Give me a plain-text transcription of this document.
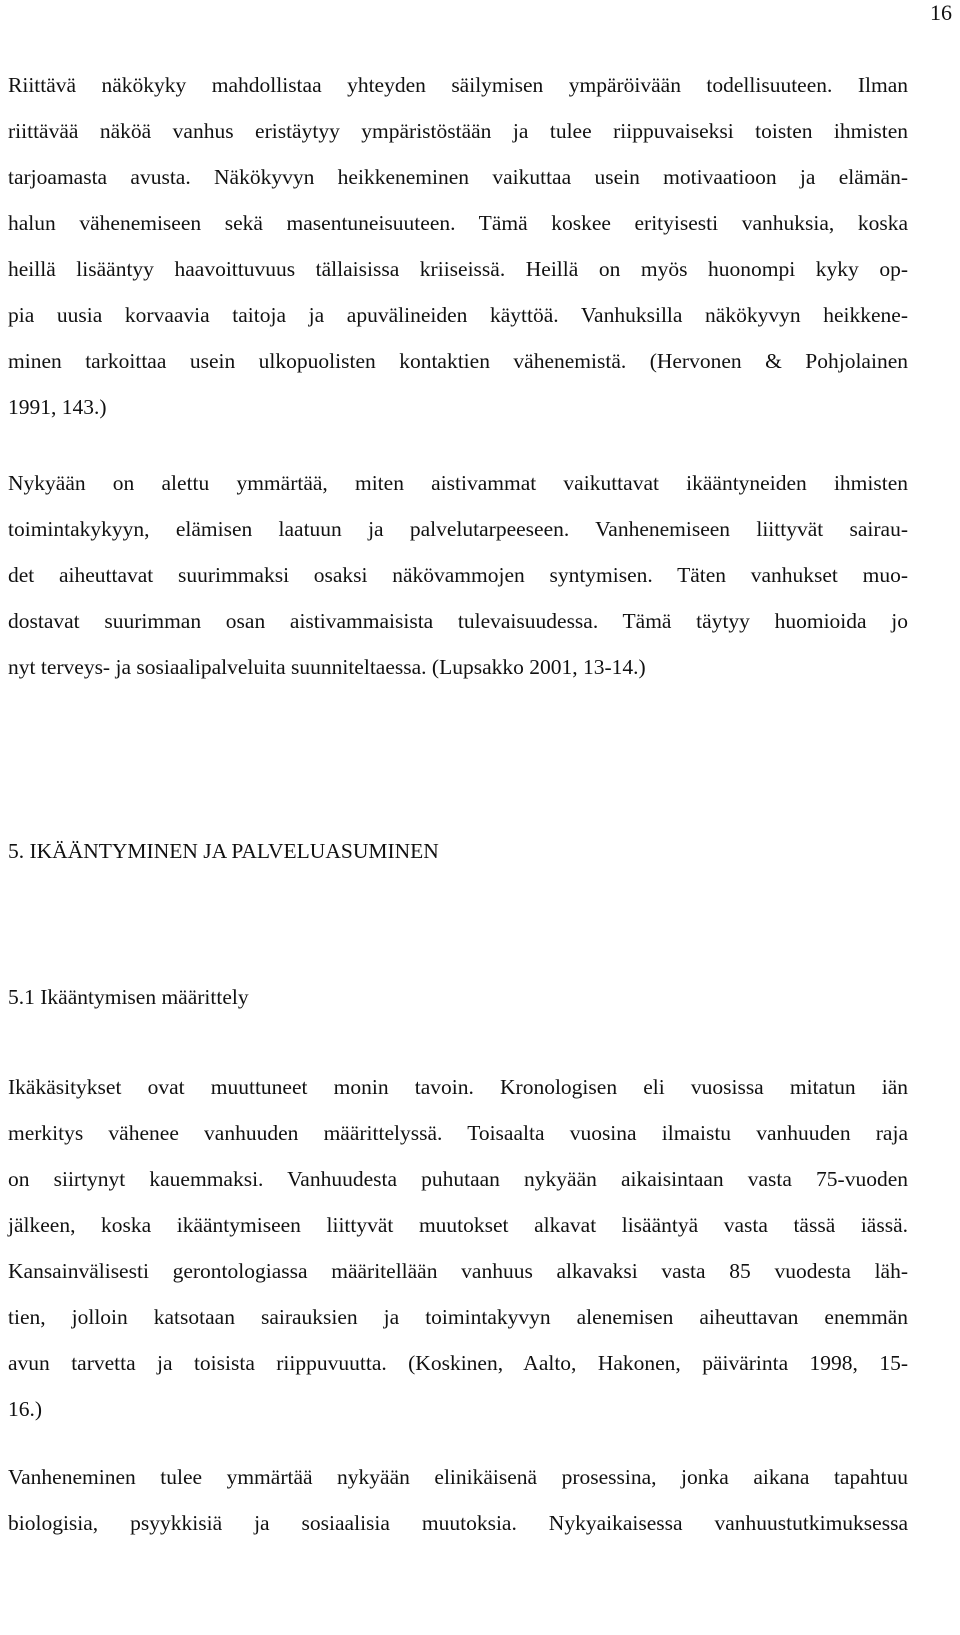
16
Riittävä näkökyky mahdollistaa yhteyden säilymisen ympäröivään todellisuuteen. Ilman
riittävää näköä vanhus eristäytyy ympäristöstään ja tulee riippuvaiseksi toisten ihmisten
tarjoamasta avusta. Näkökyvyn heikkeneminen vaikuttaa usein motivaatioon ja elämän-
halun vähenemiseen sekä masentuneisuuteen. Tämä koskee erityisesti vanhuksia, koska
heillä lisääntyy haavoittuvuus tällaisissa kriiseissä. Heillä on myös huonompi kyky op-
pia uusia korvaavia taitoja ja apuvälineiden käyttöä. Vanhuksilla näkökyvyn heikkene-
minen tarkoittaa usein ulkopuolisten kontaktien vähenemistä. (Hervonen & Pohjolainen
1991, 143.)
Nykyään on alettu ymmärtää, miten aistivammat vaikuttavat ikääntyneiden ihmisten
toimintakykyyn, elämisen laatuun ja palvelutarpeeseen. Vanhenemiseen liittyvät sairau-
det aiheuttavat suurimmaksi osaksi näkövammojen syntymisen. Täten vanhukset muo-
dostavat suurimman osan aistivammaisista tulevaisuudessa. Tämä täytyy huomioida jo
nyt terveys- ja sosiaalipalveluita suunniteltaessa. (Lupsakko 2001, 13-14.)
5. IKÄÄNTYMINEN JA PALVELUASUMINEN
5.1 Ikääntymisen määrittely
Ikäkäsitykset ovat muuttuneet monin tavoin. Kronologisen eli vuosissa mitatun iän
merkitys vähenee vanhuuden määrittelyssä. Toisaalta vuosina ilmaistu vanhuuden raja
on siirtynyt kauemmaksi. Vanhuudesta puhutaan nykyään aikaisintaan vasta 75-vuoden
jälkeen, koska ikääntymiseen liittyvät muutokset alkavat lisääntyä vasta tässä iässä.
Kansainvälisesti gerontologiassa määritellään vanhuus alkavaksi vasta 85 vuodesta läh-
tien, jolloin katsotaan sairauksien ja toimintakyvyn alenemisen aiheuttavan enemmän
avun tarvetta ja toisista riippuvuutta. (Koskinen, Aalto, Hakonen, päivärinta 1998, 15-
16.)
Vanheneminen tulee ymmärtää nykyään elinikäisenä prosessina, jonka aikana tapahtuu
biologisia, psyykkisiä ja sosiaalisia muutoksia. Nykyaikaisessa vanhuustutkimuksessa
